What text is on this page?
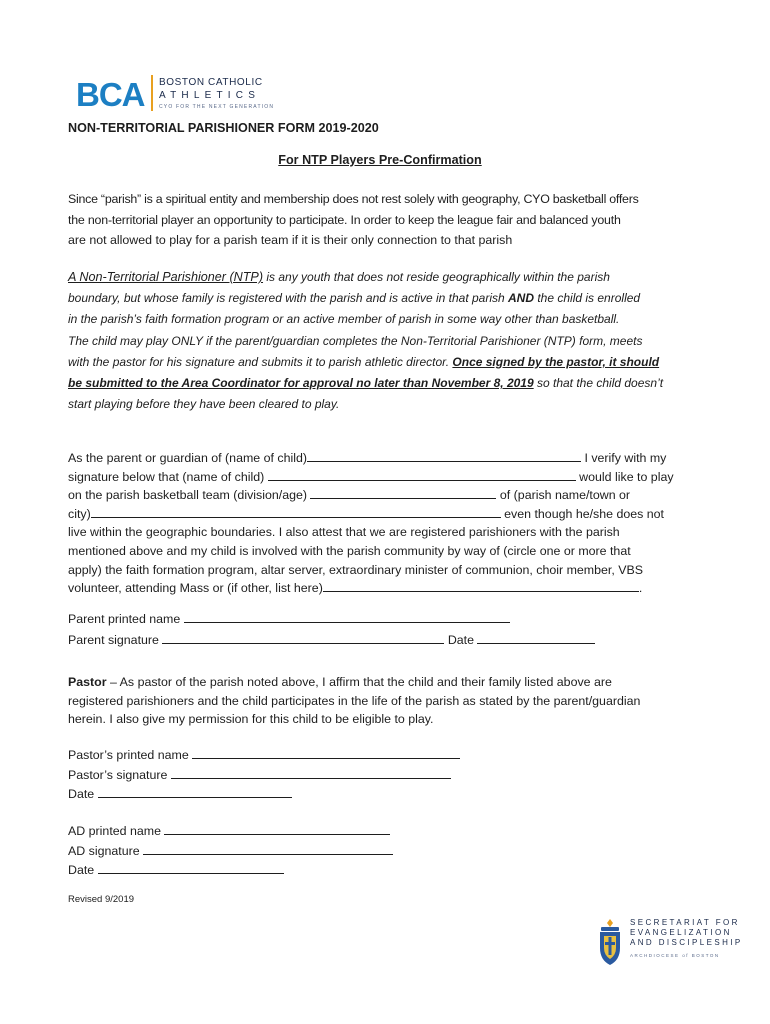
BCA BOSTON CATHOLIC
ATHLETICS
CYO FOR THE NEXT GENERATION
NON-TERRITORIAL PARISHIONER FORM 2019-2020
For NTP Players Pre-Confirmation
Since “parish” is a spiritual entity and membership does not rest solely with geography, CYO basketball offers
the non-territorial player an opportunity to participate. In order to keep the league fair and balanced youth
are not allowed to play for a parish team if it is their only connection to that parish
A Non-Territorial Parishioner (NTP) is any youth that does not reside geographically within the parish
boundary, but whose family is registered with the parish and is active in that parish AND the child is enrolled
in the parish’s faith formation program or an active member of parish in some way other than basketball.
The child may play ONLY if the parent/guardian completes the Non-Territorial Parishioner (NTP) form, meets
with the pastor for his signature and submits it to parish athletic director. Once signed by the pastor, it should
be submitted to the Area Coordinator for approval no later than November 8, 2019 so that the child doesn’t
start playing before they have been cleared to play.
As the parent or guardian of (name of child)	I verify with my
signature below that (name of child)	would like to play
on the parish basketball team (division/age)	of (parish name/town or
city)	even though he/she does not
live within the geographic boundaries. I also attest that we are registered parishioners with the parish
mentioned above and my child is involved with the parish community by way of (circle one or more that
apply) the faith formation program, altar server, extraordinary minister of communion, choir member, VBS
volunteer, attending Mass or (if other, list here)	.
Parent printed name
Parent signature	Date
Pastor – As pastor of the parish noted above, I affirm that the child and their family listed above are
registered parishioners and the child participates in the life of the parish as stated by the parent/guardian
herein. I also give my permission for this child to be eligible to play.
Pastor’s printed name
Pastor’s signature
Date
AD printed name
AD signature
Date
Revised 9/2019
SECRETARIAT FOR
EVANGELIZATION
AND DISCIPLESHIP
ARCHDIOCESE of BOSTON
